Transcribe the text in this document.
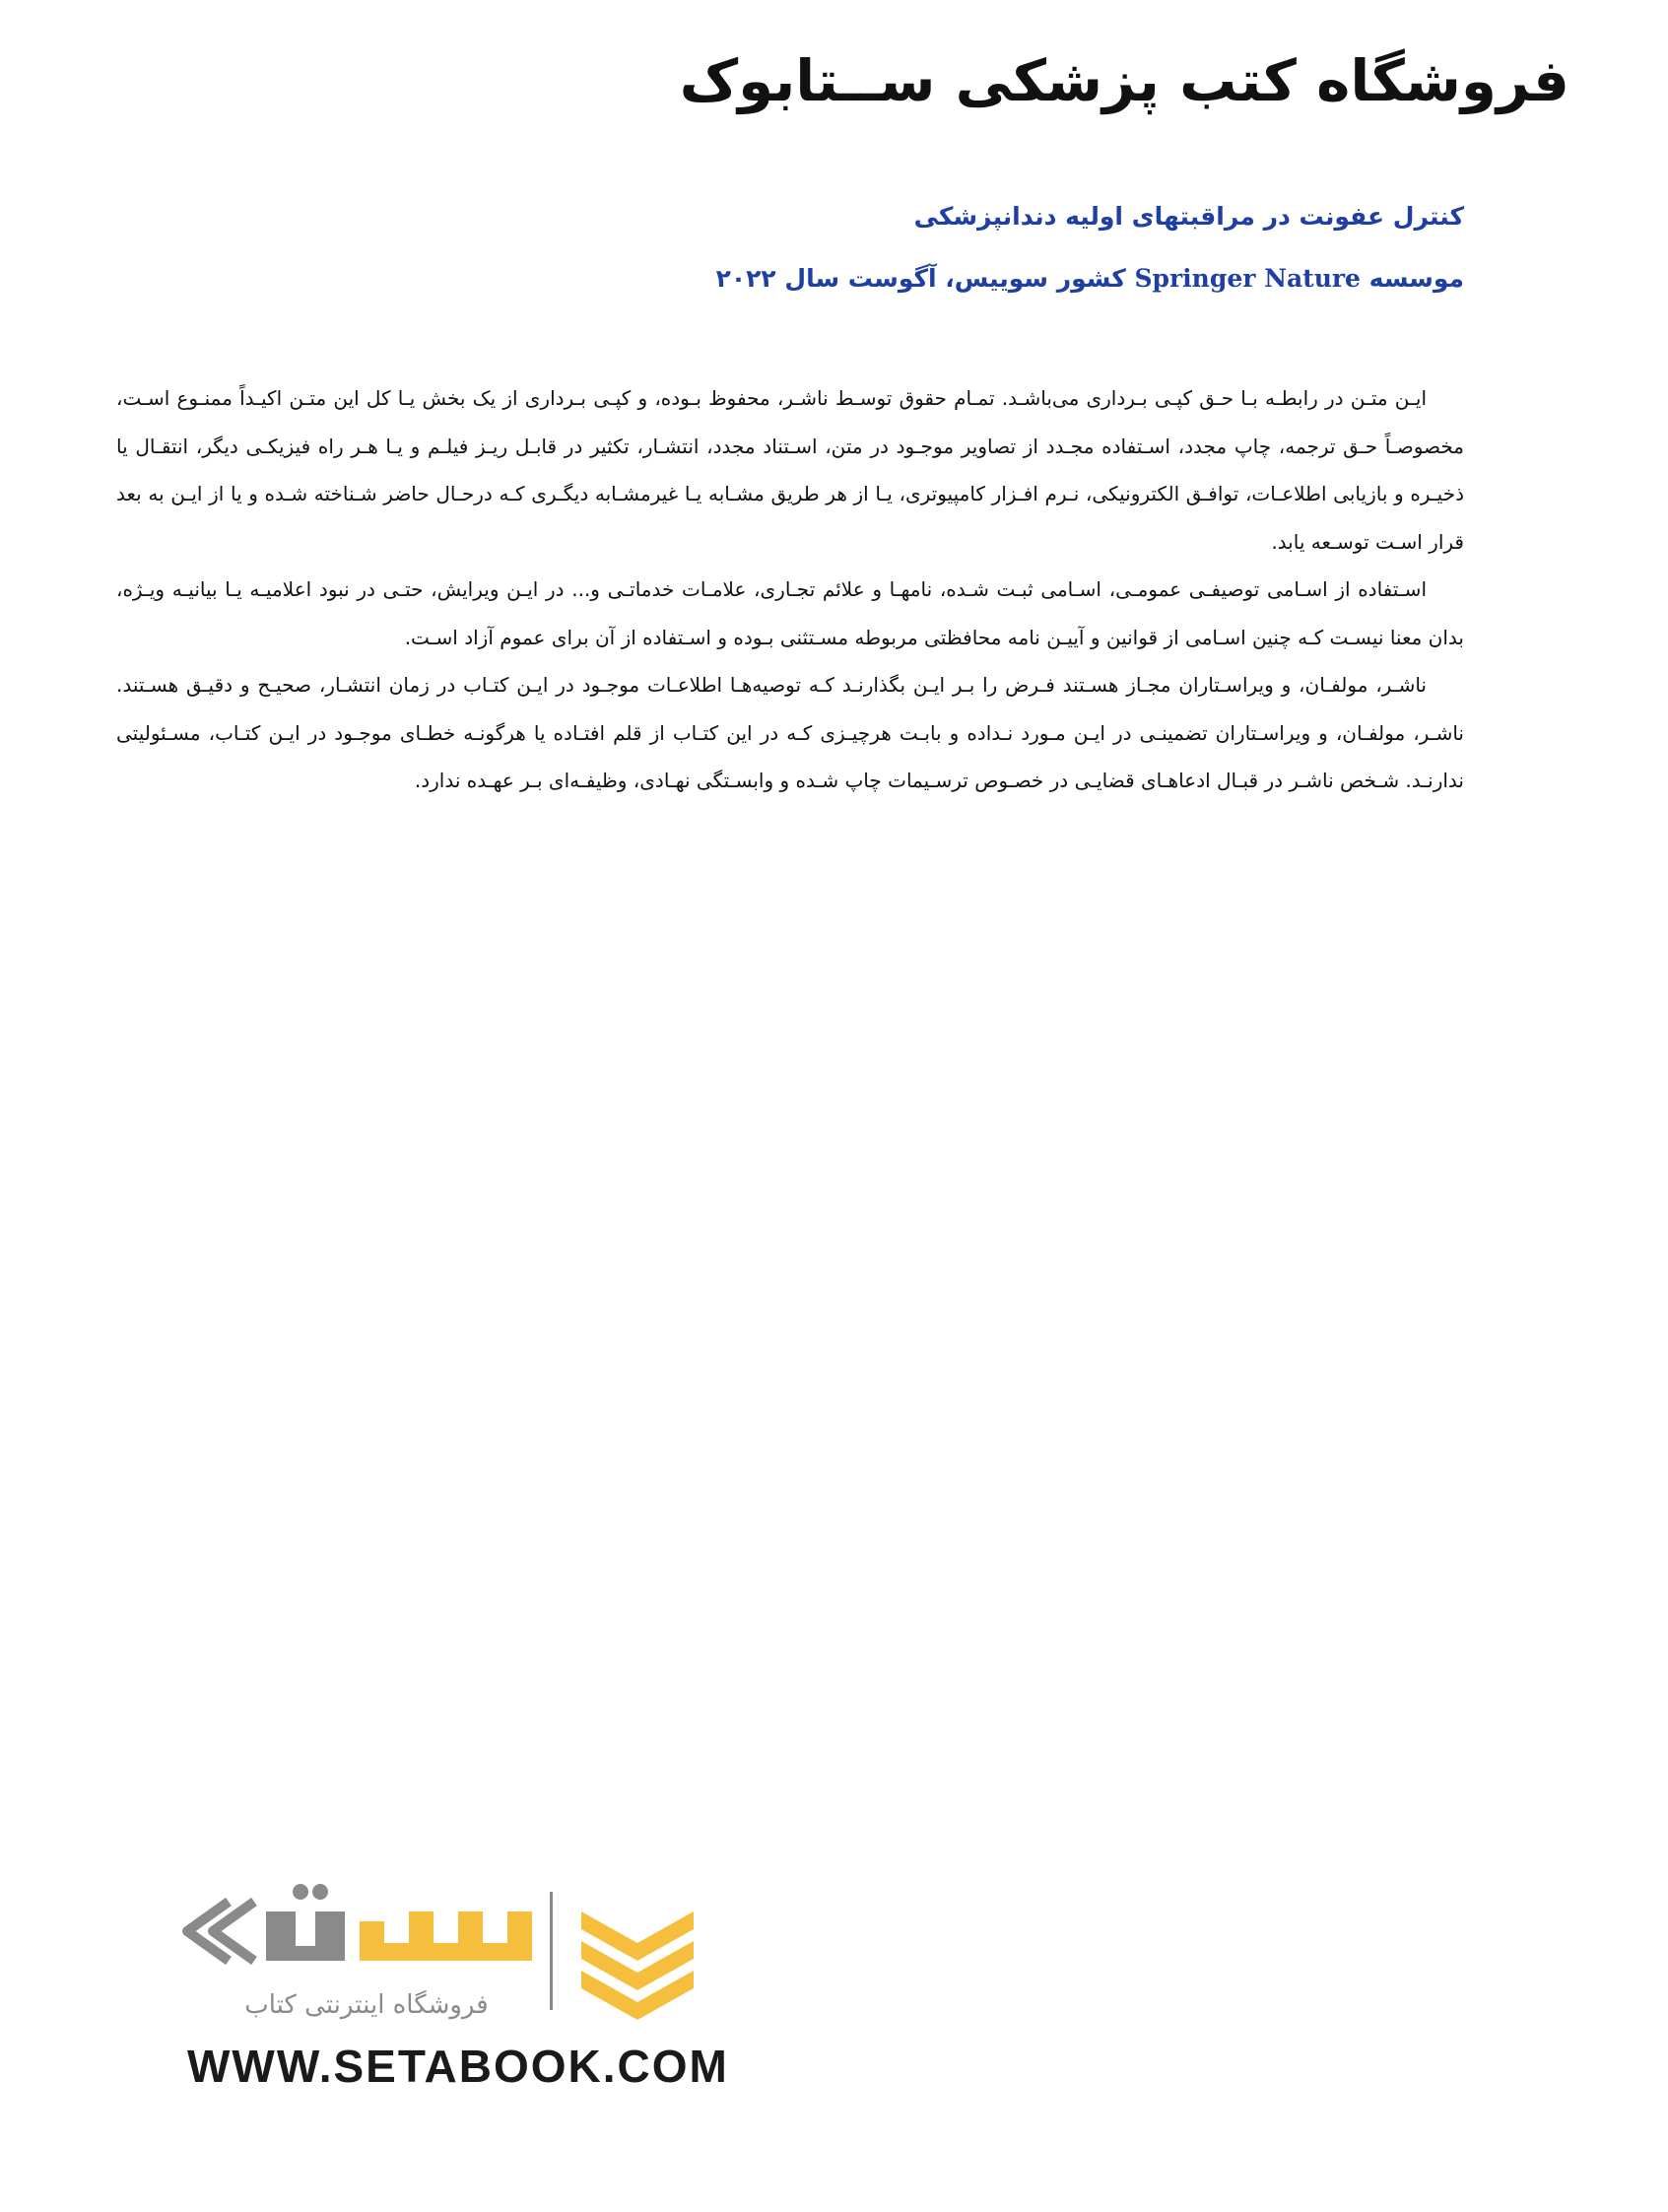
فروشگاه کتب پزشکی ســتابوک
کنترل عفونت در مراقبتهای اولیه دندانپزشکی
موسسه Springer Nature کشور سوییس، آگوست سال ۲۰۲۲

ایـن متـن در رابطـه بـا حـق کپـی بـرداری می‌باشـد. تمـام حقوق توسـط ناشـر، محفوظ بـوده، و کپـی بـرداری از یک بخش یـا کل این متـن اکیـداً ممنـوع اسـت، مخصوصـاً حـق ترجمه، چاپ مجدد، اسـتفاده مجـدد از تصاویر موجـود در متن، اسـتناد مجدد، انتشـار، تکثیر در قابـل ریـز فیلـم و یـا هـر راه فیزیکـی دیگر، انتقـال یا ذخیـره و بازیابی اطلاعـات، توافـق الکترونیکی، نـرم افـزار کامپیوتری، یـا از هر طریق مشـابه یـا غیرمشـابه دیگـری کـه درحـال حاضر شـناخته شـده و یا از ایـن به بعد قرار اسـت توسـعه یابد.

اسـتفاده از اسـامی توصیفـی عمومـی، اسـامی ثبـت شـده، نامهـا و علائم تجـاری، علامـات خدماتـی و... در ایـن ویرایش، حتـی در نبود اعلامیـه یـا بیانیـه ویـژه، بدان معنا نیسـت کـه چنین اسـامی از قوانین و آییـن نامه محافظتی مربوطه مسـتثنی بـوده و اسـتفاده از آن برای عموم آزاد اسـت.

ناشـر، مولفـان، و ویراسـتاران مجـاز هسـتند فـرض را بـر ایـن بگذارنـد کـه توصیه‌هـا اطلاعـات موجـود در ایـن کتـاب در زمان انتشـار، صحیـح و دقیـق هسـتند. ناشـر، مولفـان، و ویراسـتاران تضمینـی در ایـن مـورد نـداده و بابـت هرچیـزی کـه در این کتـاب از قلم افتـاده یا هرگونـه خطـای موجـود در ایـن کتـاب، مسـئولیتی ندارنـد. شـخص ناشـر در قبـال ادعاهـای قضایـی در خصـوص ترسـیمات چاپ شـده و وابسـتگی نهـادی، وظیفـه‌ای بـر عهـده ندارد.

فروشگاه اینترنتی کتاب
WWW.SETABOOK.COM
